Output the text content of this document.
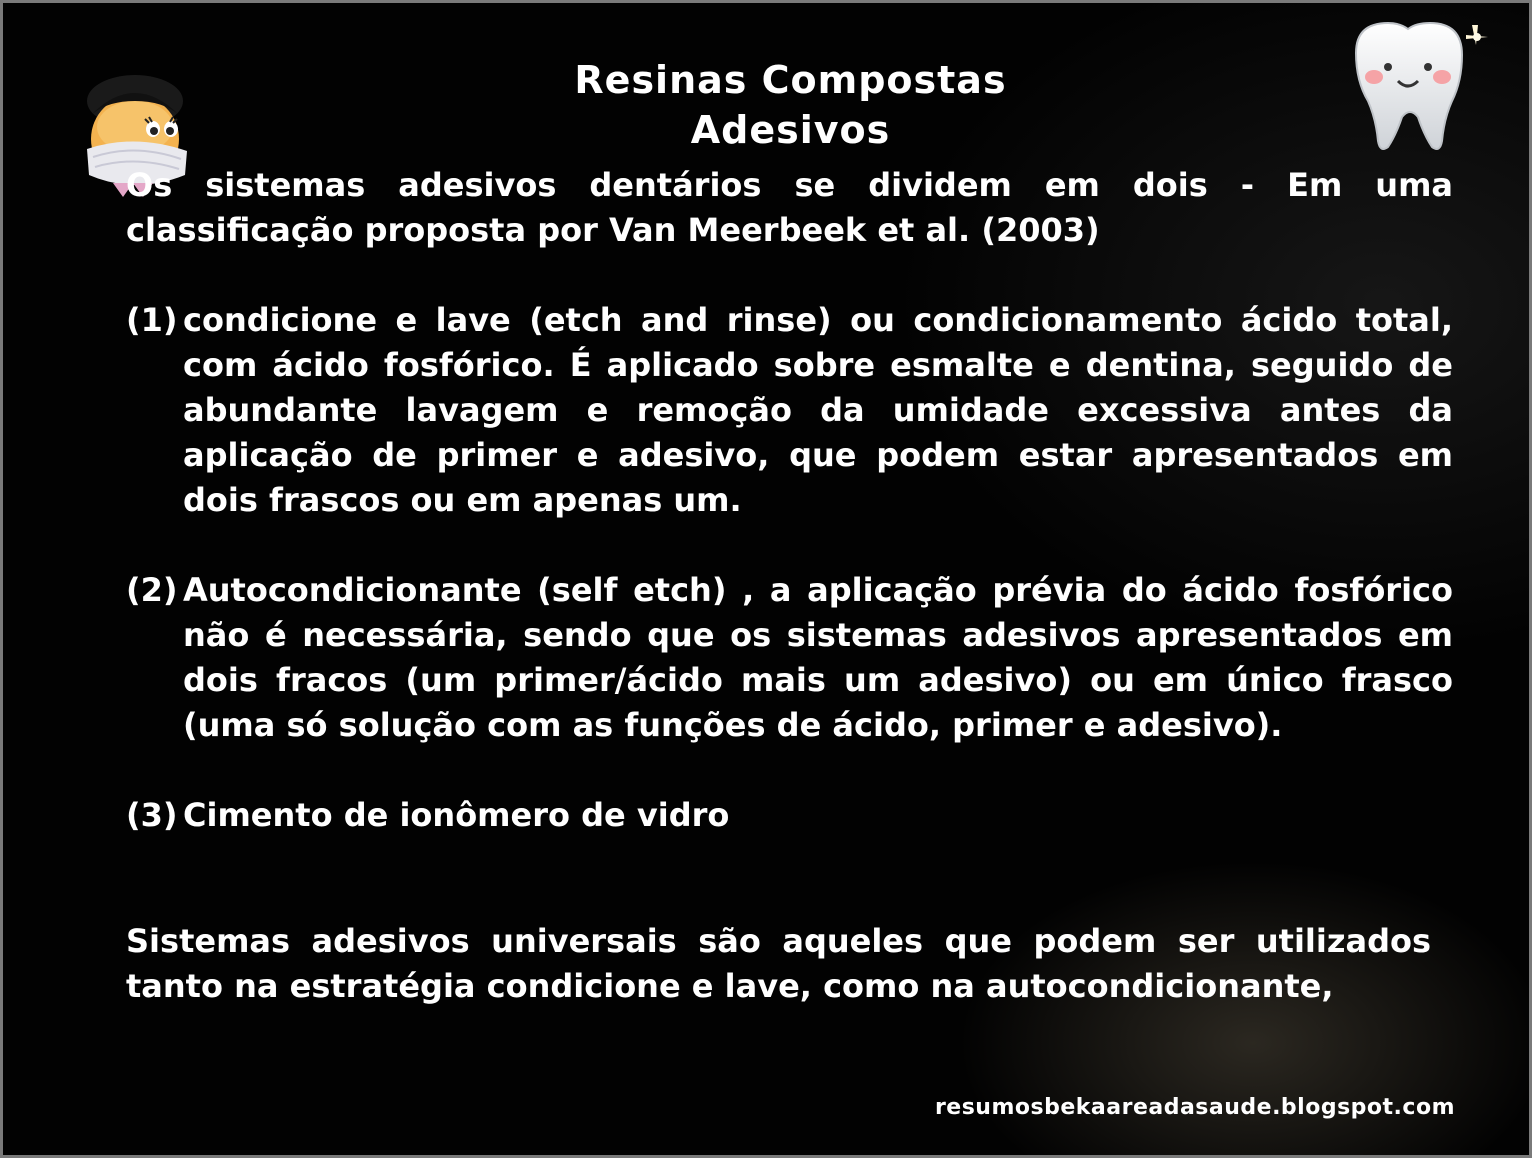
Resinas Compostas
Adesivos
Os sistemas adesivos dentários se dividem em dois - Em uma classificação proposta por Van Meerbeek et al. (2003)
(1) condicione e lave (etch and rinse) ou condicionamento ácido total, com ácido fosfórico. É aplicado sobre esmalte e dentina, seguido de abundante lavagem e remoção da umidade excessiva antes da aplicação de primer e adesivo, que podem estar apresentados em dois frascos ou em apenas um.
(2) Autocondicionante (self etch) , a aplicação prévia do ácido fosfórico não é necessária, sendo que os sistemas adesivos apresentados em dois fracos (um primer/ácido mais um adesivo) ou em único frasco (uma só solução com as funções de ácido, primer e adesivo).
(3) Cimento de ionômero de vidro
Sistemas adesivos universais são aqueles que podem ser utilizados tanto na estratégia condicione e lave, como na autocondicionante,
resumosbekaareadasaude.blogspot.com
